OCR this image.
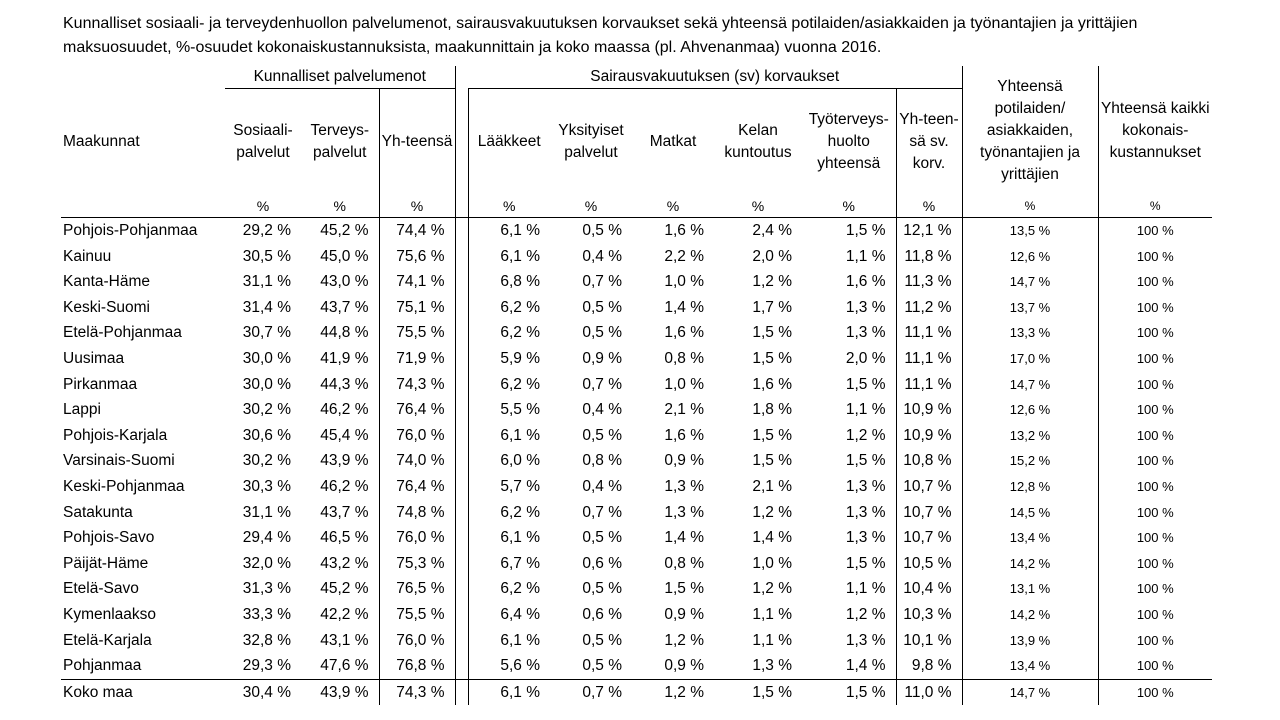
Kunnalliset sosiaali- ja terveydenhuollon palvelumenot, sairausvakuutuksen korvaukset sekä yhteensä potilaiden/asiakkaiden ja työnantajien ja yrittäjien maksuosuudet, %-osuudet kokonaiskustannuksista, maakunnittain ja koko maassa (pl. Ahvenanmaa) vuonna 2016.
	Kunnalliset palvelumenot				Sairausvakuutuksen (sv) korvaukset						Yhteensä potilaiden/ asiakkaiden, työnantajien ja yrittäjien	Yhteensä kaikki kokonais-kustannukset
Maakunnat	Sosiaali-palvelut	Terveys-palvelut	Yh-teensä		Lääkkeet	Yksityiset palvelut	Matkat	Kelan kuntoutus	Työterveys-huolto yhteensä	Yh-teen-sä sv. korv.		
	%	%	%		%	%	%	%	%	%	%	%
Pohjois-Pohjanmaa	29,2 %	45,2 %	74,4 %		6,1 %	0,5 %	1,6 %	2,4 %	1,5 %	12,1 %	13,5 %	100 %
Kainuu	30,5 %	45,0 %	75,6 %		6,1 %	0,4 %	2,2 %	2,0 %	1,1 %	11,8 %	12,6 %	100 %
Kanta-Häme	31,1 %	43,0 %	74,1 %		6,8 %	0,7 %	1,0 %	1,2 %	1,6 %	11,3 %	14,7 %	100 %
Keski-Suomi	31,4 %	43,7 %	75,1 %		6,2 %	0,5 %	1,4 %	1,7 %	1,3 %	11,2 %	13,7 %	100 %
Etelä-Pohjanmaa	30,7 %	44,8 %	75,5 %		6,2 %	0,5 %	1,6 %	1,5 %	1,3 %	11,1 %	13,3 %	100 %
Uusimaa	30,0 %	41,9 %	71,9 %		5,9 %	0,9 %	0,8 %	1,5 %	2,0 %	11,1 %	17,0 %	100 %
Pirkanmaa	30,0 %	44,3 %	74,3 %		6,2 %	0,7 %	1,0 %	1,6 %	1,5 %	11,1 %	14,7 %	100 %
Lappi	30,2 %	46,2 %	76,4 %		5,5 %	0,4 %	2,1 %	1,8 %	1,1 %	10,9 %	12,6 %	100 %
Pohjois-Karjala	30,6 %	45,4 %	76,0 %		6,1 %	0,5 %	1,6 %	1,5 %	1,2 %	10,9 %	13,2 %	100 %
Varsinais-Suomi	30,2 %	43,9 %	74,0 %		6,0 %	0,8 %	0,9 %	1,5 %	1,5 %	10,8 %	15,2 %	100 %
Keski-Pohjanmaa	30,3 %	46,2 %	76,4 %		5,7 %	0,4 %	1,3 %	2,1 %	1,3 %	10,7 %	12,8 %	100 %
Satakunta	31,1 %	43,7 %	74,8 %		6,2 %	0,7 %	1,3 %	1,2 %	1,3 %	10,7 %	14,5 %	100 %
Pohjois-Savo	29,4 %	46,5 %	76,0 %		6,1 %	0,5 %	1,4 %	1,4 %	1,3 %	10,7 %	13,4 %	100 %
Päijät-Häme	32,0 %	43,2 %	75,3 %		6,7 %	0,6 %	0,8 %	1,0 %	1,5 %	10,5 %	14,2 %	100 %
Etelä-Savo	31,3 %	45,2 %	76,5 %		6,2 %	0,5 %	1,5 %	1,2 %	1,1 %	10,4 %	13,1 %	100 %
Kymenlaakso	33,3 %	42,2 %	75,5 %		6,4 %	0,6 %	0,9 %	1,1 %	1,2 %	10,3 %	14,2 %	100 %
Etelä-Karjala	32,8 %	43,1 %	76,0 %		6,1 %	0,5 %	1,2 %	1,1 %	1,3 %	10,1 %	13,9 %	100 %
Pohjanmaa	29,3 %	47,6 %	76,8 %		5,6 %	0,5 %	0,9 %	1,3 %	1,4 %	9,8 %	13,4 %	100 %
Koko maa	30,4 %	43,9 %	74,3 %		6,1 %	0,7 %	1,2 %	1,5 %	1,5 %	11,0 %	14,7 %	100 %
